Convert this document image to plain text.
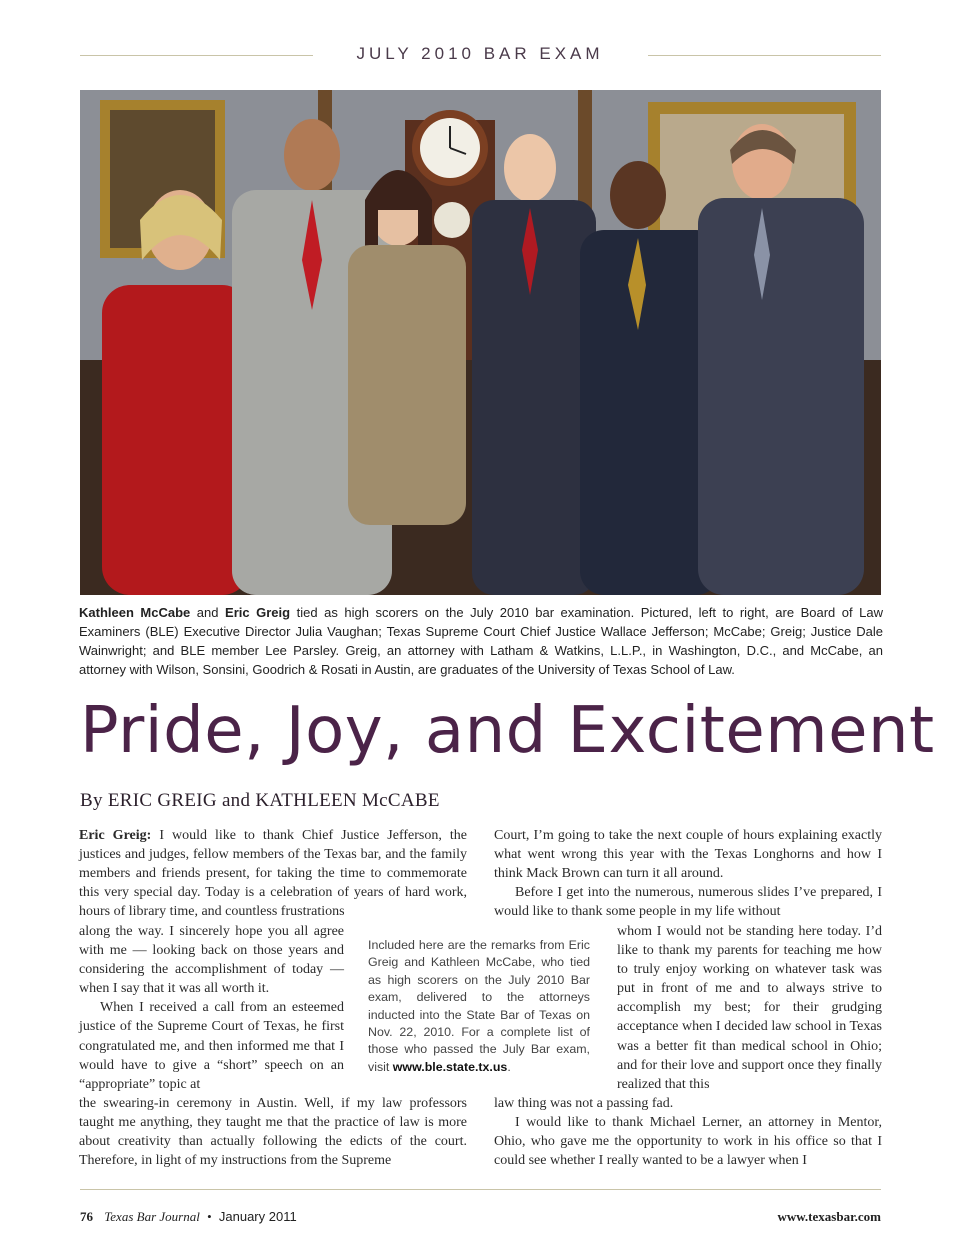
JULY 2010 BAR EXAM
Kathleen McCabe and Eric Greig tied as high scorers on the July 2010 bar examination. Pictured, left to right, are Board of Law Examiners (BLE) Executive Director Julia Vaughan; Texas Supreme Court Chief Justice Wallace Jefferson; McCabe; Greig; Justice Dale Wainwright; and BLE member Lee Parsley. Greig, an attorney with Latham & Watkins, L.L.P., in Washington, D.C., and McCabe, an attorney with Wilson, Sonsini, Goodrich & Rosati in Austin, are graduates of the University of Texas School of Law.
Pride, Joy, and Excitement
By ERIC GREIG and KATHLEEN McCABE

Eric Greig: I would like to thank Chief Justice Jefferson, the justices and judges, fellow members of the Texas bar, and the family members and friends present, for taking the time to commemorate this very special day. Today is a celebration of years of hard work, hours of library time, and countless frustrations

along the way. I sincerely hope you all agree with me — looking back on those years and considering the accomplishment of today — when I say that it was all worth it.

When I received a call from an esteemed justice of the Supreme Court of Texas, he first congratulated me, and then informed me that I would have to give a “short” speech on an “appropriate” topic at

the swearing-in ceremony in Austin. Well, if my law professors taught me anything, they taught me that the practice of law is more about creativity than actually following the edicts of the court. Therefore, in light of my instructions from the Supreme

Included here are the remarks from Eric Greig and Kathleen McCabe, who tied as high scorers on the July 2010 Bar exam, delivered to the attorneys inducted into the State Bar of Texas on Nov. 22, 2010. For a complete list of those who passed the July Bar exam, visit www.ble.state.tx.us.

Court, I’m going to take the next couple of hours explaining exactly what went wrong this year with the Texas Longhorns and how I think Mack Brown can turn it all around.

Before I get into the numerous, numerous slides I’ve prepared, I would like to thank some people in my life without

whom I would not be standing here today. I’d like to thank my parents for teaching me how to truly enjoy working on whatever task was put in front of me and to always strive to accomplish my best; for their grudging acceptance when I decided law school in Texas was a better fit than medical school in Ohio; and for their love and support once they finally realized that this

law thing was not a passing fad.

I would like to thank Michael Lerner, an attorney in Mentor, Ohio, who gave me the opportunity to work in his office so that I could see whether I really wanted to be a lawyer when I

76 Texas Bar Journal • January 2011	www.texasbar.com
